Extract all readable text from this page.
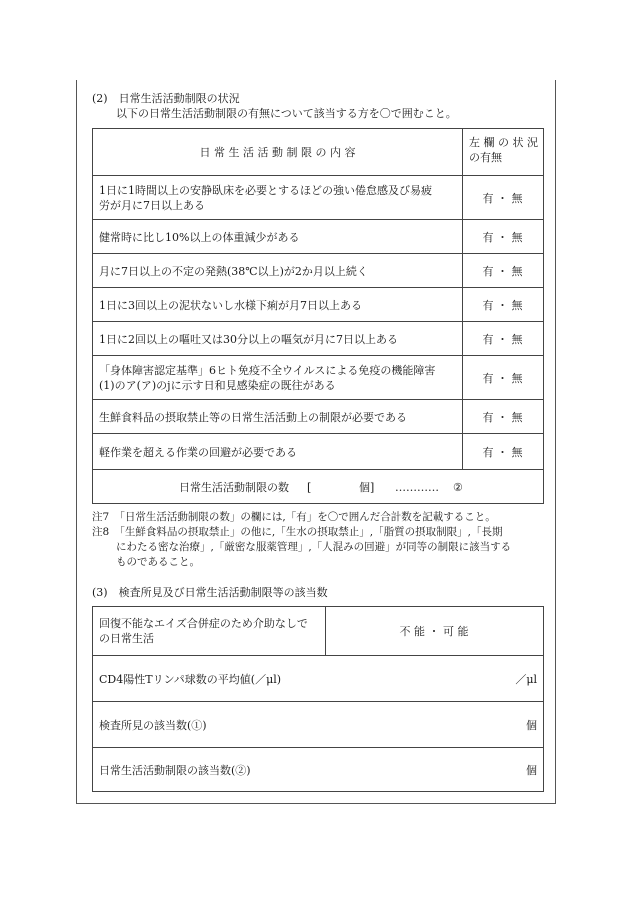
(2)　日常生活活動制限の状況
以下の日常生活活動制限の有無について該当する方を〇で囲むこと。
日 常 生 活 活 動 制 限 の 内 容
左 欄 の 状 況
の有無
1日に1時間以上の安静臥床を必要とするほどの強い倦怠感及び易疲
労が月に7日以上ある
有 ・ 無
健常時に比し10%以上の体重減少がある	有 ・ 無
月に7日以上の不定の発熱(38℃以上)が2か月以上続く	有 ・ 無
1日に3回以上の泥状ないし水様下痢が月7日以上ある	有 ・ 無
1日に2回以上の嘔吐又は30分以上の嘔気が月に7日以上ある	有 ・ 無
「身体障害認定基準」6ヒト免疫不全ウイルスによる免疫の機能障害
(1)のア(ア)のjに示す日和見感染症の既往がある
有 ・ 無
生鮮食料品の摂取禁止等の日常生活活動上の制限が必要である	有 ・ 無
軽作業を超える作業の回避が必要である	有 ・ 無
日常生活活動制限の数 [	個] ………… ②
注7　「日常生活活動制限の数」の欄には,「有」を〇で囲んだ合計数を記載すること。
注8　「生鮮食料品の摂取禁止」の他に,「生水の摂取禁止」,「脂質の摂取制限」,「長期
にわたる密な治療」,「厳密な服薬管理」,「人混みの回避」が同等の制限に該当する
ものであること。
(3)　検査所見及び日常生活活動制限等の該当数
回復不能なエイズ合併症のため介助なしで
の日常生活
不 能 ・ 可 能
CD4陽性Tリンパ球数の平均値(／μl)	／μl
検査所見の該当数(①)	個
日常生活活動制限の該当数(②)	個
